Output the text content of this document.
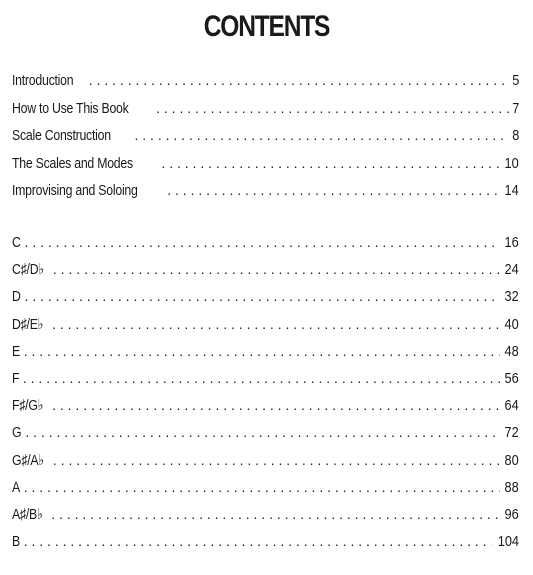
CONTENTS
Introduction . . .	5
How to Use This Book . . .	7
Scale Construction . . .	8
The Scales and Modes . . .	10
Improvising and Soloing . . .	14
C . . .	16
C♯/D♭ . . .	24
D . . .	32
D♯/E♭ . . .	40
E . . .	48
F . . .	56
F♯/G♭ . . .	64
G . . .	72
G♯/A♭ . . .	80
A . . .	88
A♯/B♭ . . .	96
B . . .	104
